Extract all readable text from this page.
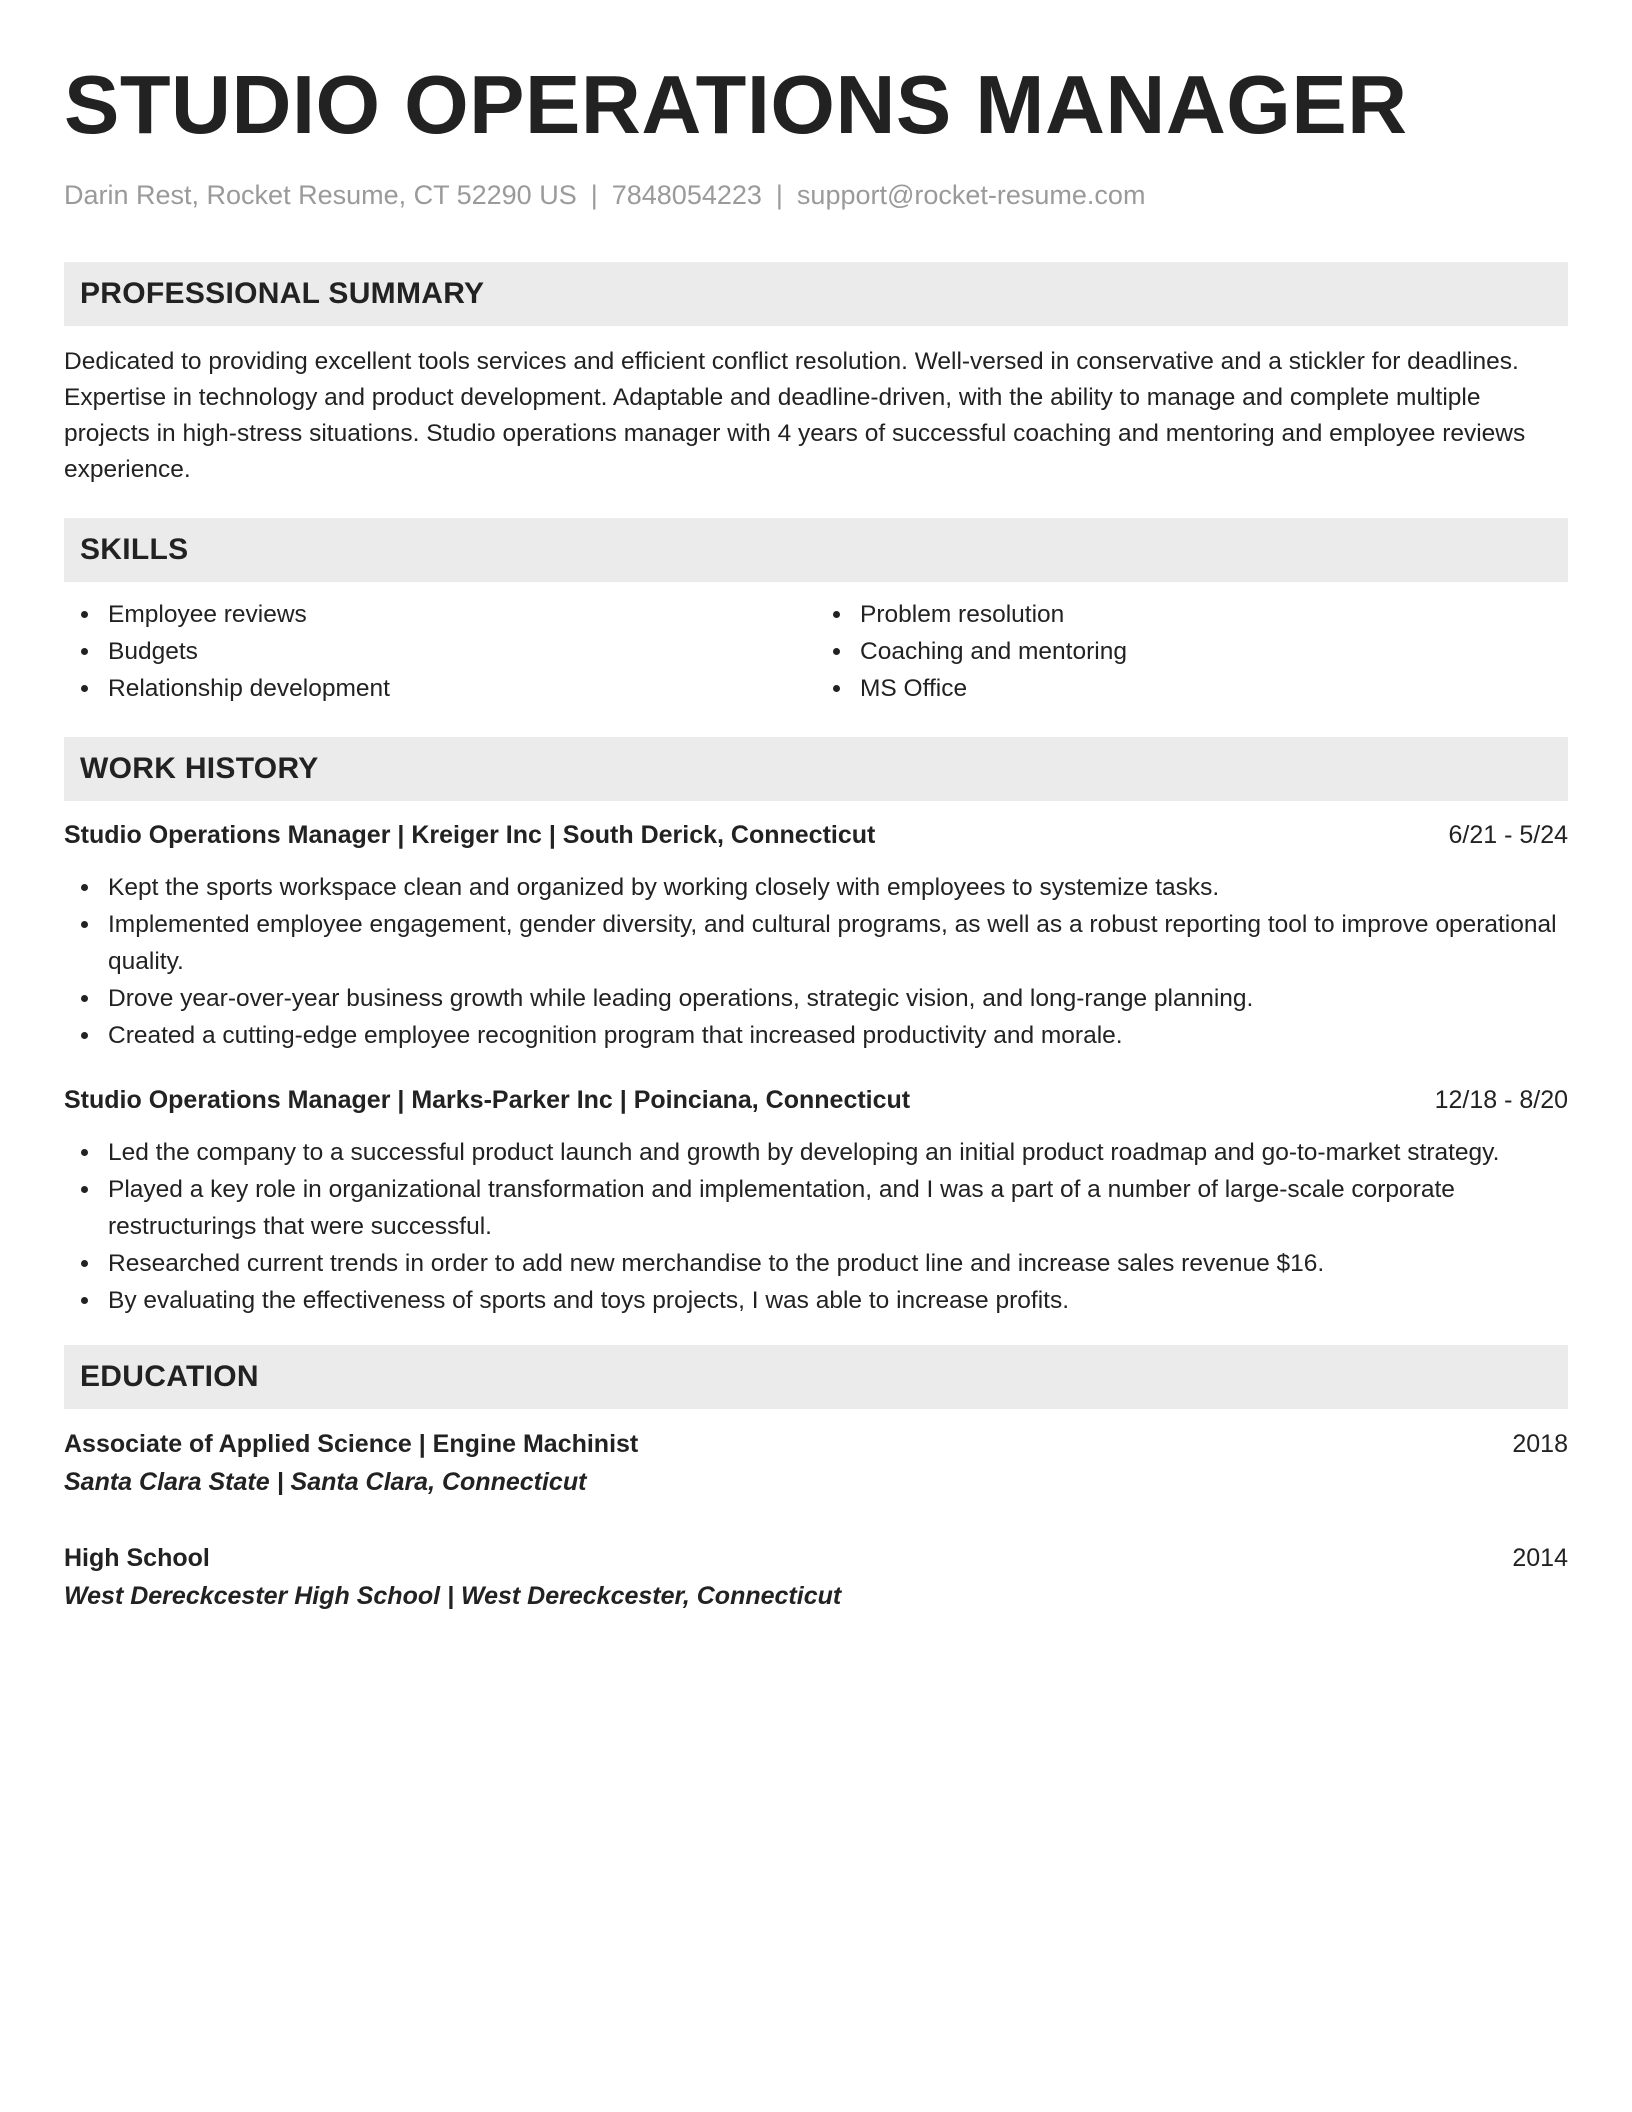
STUDIO OPERATIONS MANAGER
Darin Rest, Rocket Resume, CT 52290 US | 7848054223 | support@rocket-resume.com
PROFESSIONAL SUMMARY

Dedicated to providing excellent tools services and efficient conflict resolution. Well-versed in conservative and a stickler for deadlines. Expertise in technology and product development. Adaptable and deadline-driven, with the ability to manage and complete multiple projects in high-stress situations. Studio operations manager with 4 years of successful coaching and mentoring and employee reviews experience.

SKILLS
Employee reviews
Budgets
Relationship development
Problem resolution
Coaching and mentoring
MS Office
WORK HISTORY
Studio Operations Manager | Kreiger Inc | South Derick, Connecticut	6/21 - 5/24
Kept the sports workspace clean and organized by working closely with employees to systemize tasks.
Implemented employee engagement, gender diversity, and cultural programs, as well as a robust reporting tool to improve operational quality.
Drove year-over-year business growth while leading operations, strategic vision, and long-range planning.
Created a cutting-edge employee recognition program that increased productivity and morale.
Studio Operations Manager | Marks-Parker Inc | Poinciana, Connecticut	12/18 - 8/20
Led the company to a successful product launch and growth by developing an initial product roadmap and go-to-market strategy.
Played a key role in organizational transformation and implementation, and I was a part of a number of large-scale corporate restructurings that were successful.
Researched current trends in order to add new merchandise to the product line and increase sales revenue $16.
By evaluating the effectiveness of sports and toys projects, I was able to increase profits.
EDUCATION
Associate of Applied Science | Engine Machinist	2018
Santa Clara State | Santa Clara, Connecticut
High School	2014
West Dereckcester High School | West Dereckcester, Connecticut
